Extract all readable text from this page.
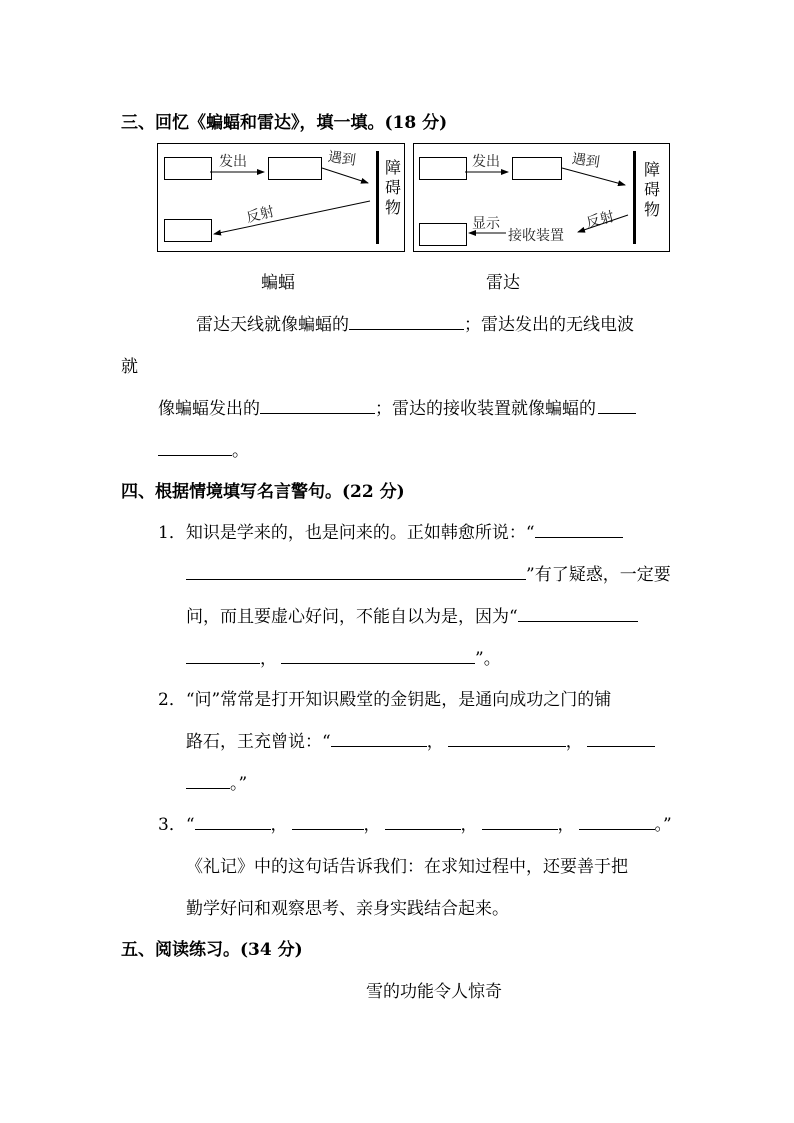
三、回忆《蝙蝠和雷达》，填一填。(18 分)
发出	遇到
反射
障
碍
物
发出	遇到
反射
接收装置
显示
障
碍
物
蝙蝠	雷达
雷达天线就像蝙蝠的	；雷达发出的无线电波
就
像蝙蝠发出的	；雷达的接收装置就像蝙蝠的
。
四、根据情境填写名言警句。(22 分)
1．知识是学来的，也是问来的。正如韩愈所说：“
”有了疑惑，一定要
问，而且要虚心好问，不能自以为是，因为“
，	”。
2．“问”常常是打开知识殿堂的金钥匙，是通向成功之门的铺
路石，王充曾说：“	，	，
。”
3．“	，	，	，	，	。”
《礼记》中的这句话告诉我们：在求知过程中，还要善于把
勤学好问和观察思考、亲身实践结合起来。
五、阅读练习。(34 分)
雪的功能令人惊奇
